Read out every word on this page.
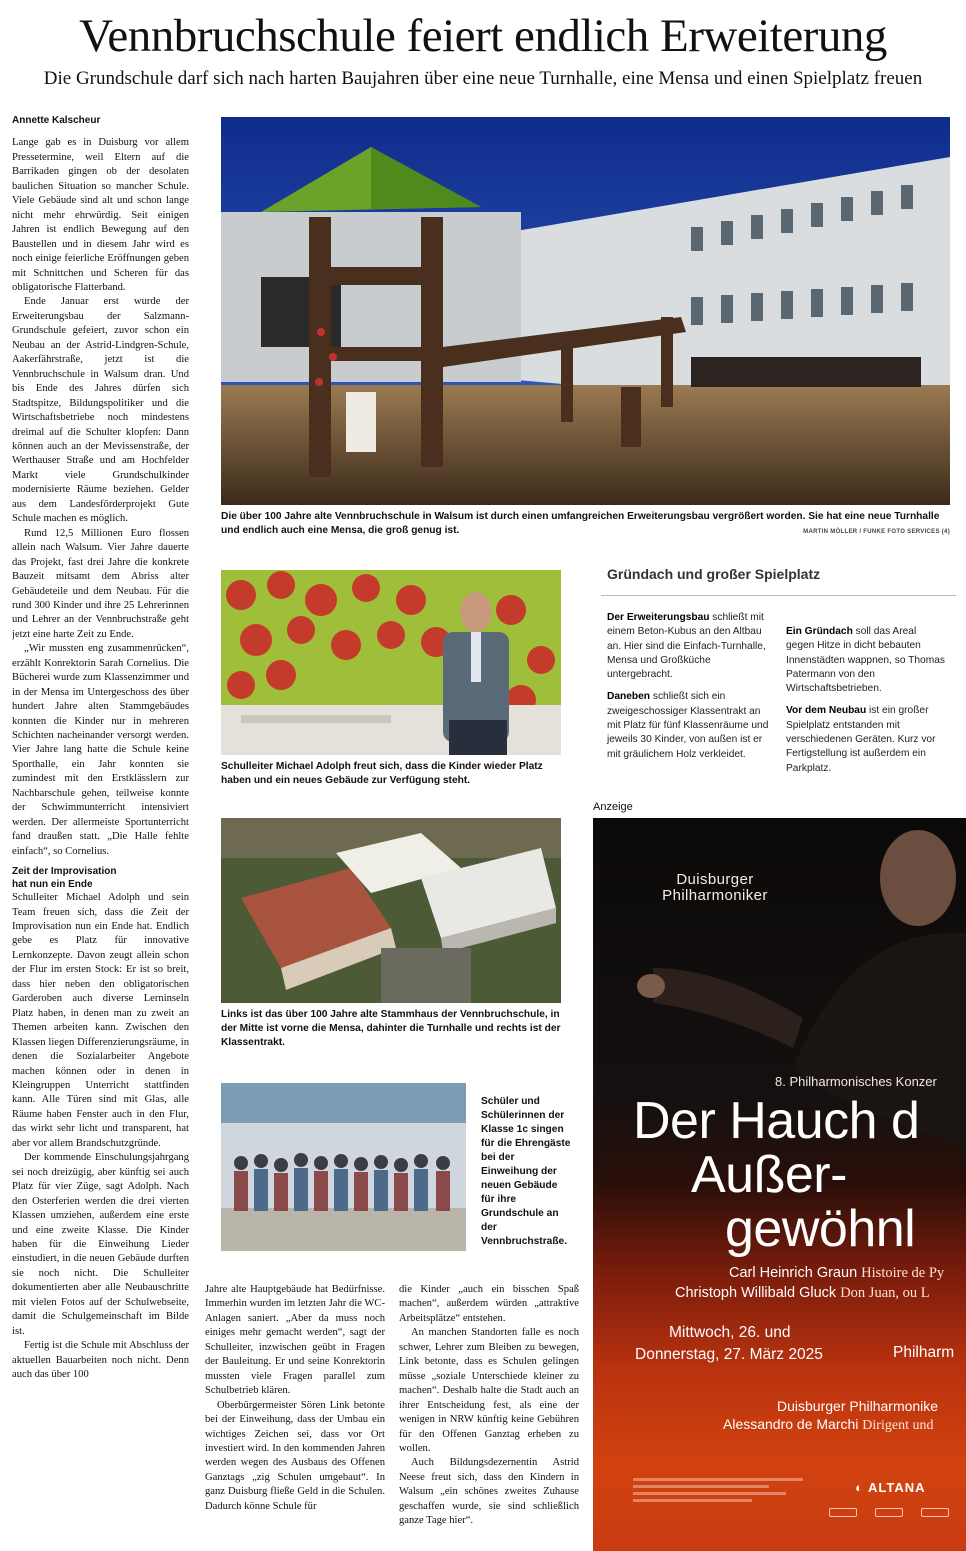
Vennbruchschule feiert endlich Erweiterung
Die Grundschule darf sich nach harten Baujahren über eine neue Turnhalle, eine Mensa und einen Spielplatz freuen
Annette Kalscheur

Lange gab es in Duisburg vor allem Pressetermine, weil Eltern auf die Barrikaden gingen ob der desolaten baulichen Situation so mancher Schule. Viele Gebäude sind alt und schon lange nicht mehr ehrwürdig. Seit einigen Jahren ist endlich Bewegung auf den Baustellen und in diesem Jahr wird es noch einige feierliche Eröffnungen geben mit Schnittchen und Scheren für das obligatorische Flatterband.

Ende Januar erst wurde der Erweiterungsbau der Salzmann-Grundschule gefeiert, zuvor schon ein Neubau an der Astrid-Lindgren-Schule, Aakerfährstraße, jetzt ist die Vennbruchschule in Walsum dran. Und bis Ende des Jahres dürfen sich Stadtspitze, Bildungspolitiker und die Wirtschaftsbetriebe noch mindestens dreimal auf die Schulter klopfen: Dann können auch an der Mevissenstraße, der Werthauser Straße und am Hochfelder Markt viele Grundschulkinder modernisierte Räume beziehen. Gelder aus dem Landesförderprojekt Gute Schule machen es möglich.

Rund 12,5 Millionen Euro flossen allein nach Walsum. Vier Jahre dauerte das Projekt, fast drei Jahre die konkrete Bauzeit mitsamt dem Abriss alter Gebäudeteile und dem Neubau. Für die rund 300 Kinder und ihre 25 Lehrerinnen und Lehrer an der Vennbruchstraße geht jetzt eine harte Zeit zu Ende.

„Wir mussten eng zusammenrücken“, erzählt Konrektorin Sarah Cornelius. Die Bücherei wurde zum Klassenzimmer und in der Mensa im Untergeschoss des über hundert Jahre alten Stammgebäudes konnten die Kinder nur in mehreren Schichten nacheinander versorgt werden. Vier Jahre lang hatte die Schule keine Sporthalle, ein Jahr konnten sie zumindest mit den Erstklässlern zur Nachbarschule gehen, teilweise konnte der Schwimmunterricht intensiviert werden. Der allermeiste Sportunterricht fand draußen statt. „Die Halle fehlte einfach“, so Cornelius.

Zeit der Improvisation
hat nun ein Ende

Schulleiter Michael Adolph und sein Team freuen sich, dass die Zeit der Improvisation nun ein Ende hat. Endlich gebe es Platz für innovative Lernkonzepte. Davon zeugt allein schon der Flur im ersten Stock: Er ist so breit, dass hier neben den obligatorischen Garderoben auch diverse Lerninseln Platz haben, in denen man zu zweit an Themen arbeiten kann. Zwischen den Klassen liegen Differenzierungsräume, in denen die Sozialarbeiter Angebote machen können oder in denen in Kleingruppen Unterricht stattfinden kann. Alle Türen sind mit Glas, alle Räume haben Fenster auch in den Flur, das wirkt sehr licht und transparent, hat aber vor allem Brandschutzgründe.

Der kommende Einschulungsjahrgang sei noch dreizügig, aber künftig sei auch Platz für vier Züge, sagt Adolph. Nach den Osterferien werden die drei vierten Klassen umziehen, außerdem eine erste und eine zweite Klasse. Die Kinder haben für die Einweihung Lieder einstudiert, in die neuen Gebäude durften sie noch nicht. Die Schulleiter dokumentierten aber alle Neubauschritte mit vielen Fotos auf der Schulwebseite, damit die Schulgemeinschaft im Bilde ist.

Fertig ist die Schule mit Abschluss der aktuellen Bauarbeiten noch nicht. Denn auch das über 100

Die über 100 Jahre alte Vennbruchschule in Walsum ist durch einen umfangreichen Erweiterungsbau vergrößert worden. Sie hat eine neue Turnhalle und endlich auch eine Mensa, die groß genug ist.	MARTIN MÖLLER / FUNKE FOTO SERVICES (4)
Schulleiter Michael Adolph freut sich, dass die Kinder wieder Platz haben und ein neues Gebäude zur Verfügung steht.
Links ist das über 100 Jahre alte Stammhaus der Vennbruchschule, in der Mitte ist vorne die Mensa, dahinter die Turnhalle und rechts ist der Klassentrakt.
Schüler und Schülerinnen der Klasse 1c singen für die Ehrengäste bei der Einweihung der neuen Gebäude für ihre Grundschule an der Vennbruchstraße.

Jahre alte Hauptgebäude hat Bedürfnisse. Immerhin wurden im letzten Jahr die WC-Anlagen saniert. „Aber da muss noch einiges mehr gemacht werden“, sagt der Schulleiter, inzwischen geübt in Fragen der Bauleitung. Er und seine Konrektorin mussten viele Fragen parallel zum Schulbetrieb klären.

Oberbürgermeister Sören Link betonte bei der Einweihung, dass der Umbau ein wichtiges Zeichen sei, dass vor Ort investiert wird. In den kommenden Jahren werden wegen des Ausbaus des Offenen Ganztags „zig Schulen umgebaut“. In ganz Duisburg fließe Geld in die Schulen. Dadurch könne Schule für

die Kinder „auch ein bisschen Spaß machen“, außerdem würden „attraktive Arbeitsplätze“ entstehen.

An manchen Standorten falle es noch schwer, Lehrer zum Bleiben zu bewegen, Link betonte, dass es Schulen gelingen müsse „soziale Unterschiede kleiner zu machen“. Deshalb halte die Stadt auch an ihrer Entscheidung fest, als eine der wenigen in NRW künftig keine Gebühren für den Offenen Ganztag erheben zu wollen.

Auch Bildungsdezernentin Astrid Neese freut sich, dass den Kindern in Walsum „ein schönes zweites Zuhause geschaffen wurde, sie sind schließlich ganze Tage hier“.

Gründach und großer Spielplatz

Der Erweiterungsbau schließt mit einem Beton-Kubus an den Altbau an. Hier sind die Einfach-Turnhalle, Mensa und Großküche untergebracht.

Daneben schließt sich ein zweigeschossiger Klassentrakt an mit Platz für fünf Klassenräume und jeweils 30 Kinder, von außen ist er mit gräulichem Holz verkleidet.

Ein Gründach soll das Areal gegen Hitze in dicht bebauten Innenstädten wappnen, so Thomas Patermann von den Wirtschaftsbetrieben.

Vor dem Neubau ist ein großer Spielplatz entstanden mit verschiedenen Geräten. Kurz vor Fertigstellung ist außerdem ein Parkplatz.

Anzeige
Duisburger
Philharmoniker
8. Philharmonisches Konzer
Der Hauch d
Außer-
gewöhnl
Carl Heinrich Graun Histoire de Py
Christoph Willibald Gluck Don Juan, ou L
Mittwoch, 26. und
Donnerstag, 27. März 2025	Philharm
Duisburger Philharmonike
Alessandro de Marchi Dirigent und
◐ ALTANA
